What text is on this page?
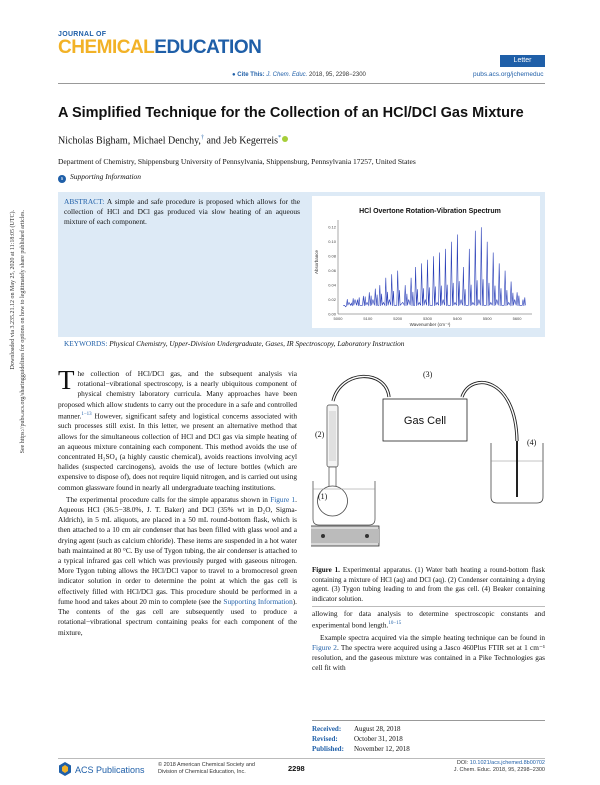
JOURNAL OF
CHEMICALEDUCATION
● Cite This: J. Chem. Educ. 2018, 95, 2298−2300
Letter
pubs.acs.org/jchemeduc
Downloaded via 3.235.21.12 on May 25, 2020 at 11:18:05 (UTC). See https://pubs.acs.org/sharingguidelines for options on how to legitimately share published articles.
A Simplified Technique for the Collection of an HCl/DCl Gas Mixture
Nicholas Bigham, Michael Denchy,† and Jeb Kegerreis*
Department of Chemistry, Shippensburg University of Pennsylvania, Shippensburg, Pennsylvania 17257, United States
s Supporting Information
ABSTRACT: A simple and safe procedure is proposed which allows for the collection of HCl and DCl gas produced via slow heating of an aqueous mixture of each component.
HCl Overtone Rotation-Vibration Spectrum
Absorbance
Wavenumber (cm⁻¹)
5000	5100	5200	5300	5400	5500	5600
0.00
0.02
0.04
0.06
0.08
0.10
0.12
KEYWORDS: Physical Chemistry, Upper-Division Undergraduate, Gases, IR Spectroscopy, Laboratory Instruction

The collection of HCl/DCl gas, and the subsequent analysis via rotational−vibrational spectroscopy, is a nearly ubiquitous component of physical chemistry laboratory curricula. Many approaches have been proposed which allow students to carry out the procedure in a safe and controlled manner.$^{1-13}$ However, significant safety and logistical concerns associated with such processes still exist. In this letter, we present an alternative method that allows for the simultaneous collection of HCl and DCl gas via simple heating of an aqueous mixture containing each component. This method avoids the use of concentrated H₂SO₄ (a highly caustic chemical), avoids reactions involving acyl halides (suspected carcinogens), avoids the use of lecture bottles (which are expensive to dispose of), does not require liquid nitrogen, and is carried out using common glassware found in nearly all undergraduate teaching institutions.

The experimental procedure calls for the simple apparatus shown in Figure 1. Aqueous HCl (36.5−38.0%, J. T. Baker) and DCl (35% wt in D₂O, Sigma-Aldrich), in 5 mL aliquots, are placed in a 50 mL round-bottom flask, which is then attached to a 10 cm air condenser that has been filled with glass wool and a drying agent (such as calcium chloride). These items are suspended in a hot water bath maintained at 80 °C. By use of Tygon tubing, the air condenser is attached to a typical infrared gas cell which was previously purged with gaseous nitrogen. More Tygon tubing allows the HCl/DCl vapor to travel to a bromocresol green indicator solution in order to determine the point at which the gas cell is effectively filled with HCl/DCl gas. This procedure should be performed in a fume hood and takes about 20 min to complete (see the Supporting Information). The contents of the gas cell are subsequently used to produce a rotational−vibrational spectrum containing peaks for each component of the mixture,

Gas Cell
(1)
(2)
(3)
(4)
Figure 1. Experimental apparatus. (1) Water bath heating a round-bottom flask containing a mixture of HCl (aq) and DCl (aq). (2) Condenser containing a drying agent. (3) Tygon tubing leading to and from the gas cell. (4) Beaker containing indicator solution.

allowing for data analysis to determine spectroscopic constants and experimental bond length.$^{10-15}$

Example spectra acquired via the simple heating technique can be found in Figure 2. The spectra were acquired using a Jasco 460Plus FTIR set at 1 cm⁻¹ resolution, and the gaseous mixture was contained in a Pike Technologies gas cell fit with

Received: August 28, 2018
Revised: October 31, 2018
Published: November 12, 2018
ACS Publications © 2018 American Chemical Society and
Division of Chemical Education, Inc.	2298
DOI: 10.1021/acs.jchemed.8b00702
J. Chem. Educ. 2018, 95, 2298−2300
